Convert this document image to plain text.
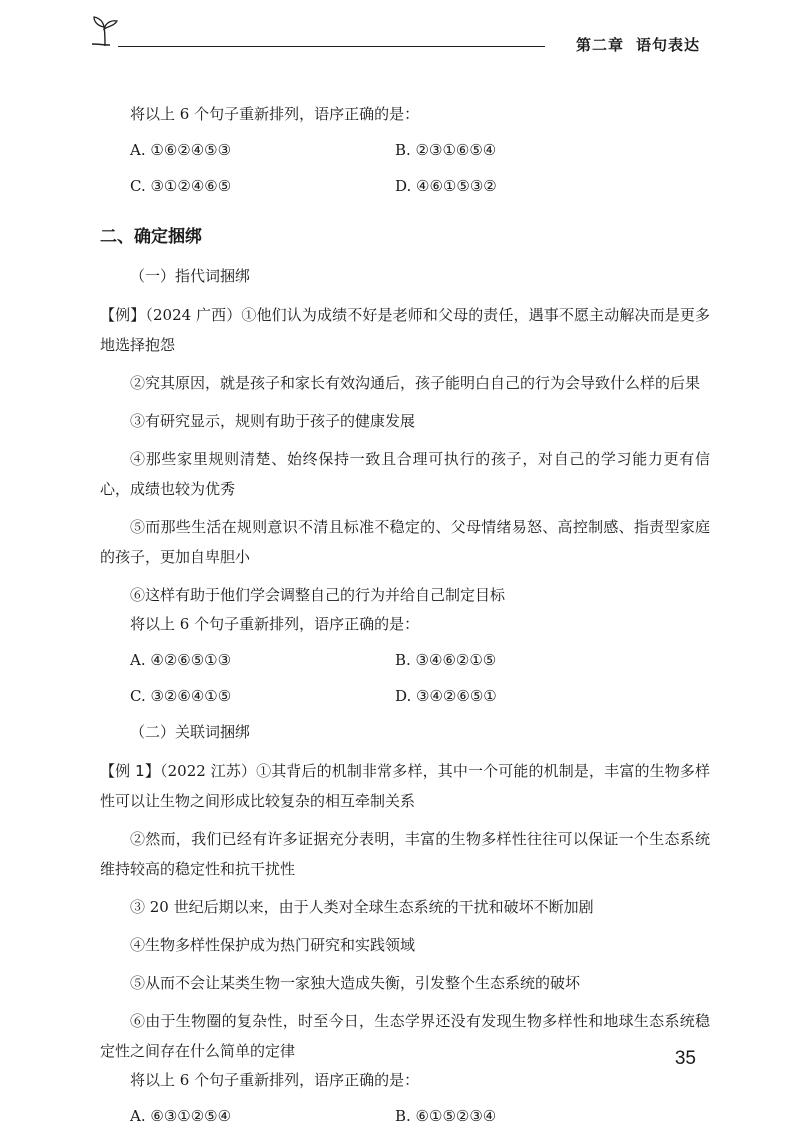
第二章 语句表达
将以上 6 个句子重新排列，语序正确的是：
A. ①⑥②④⑤③	B. ②③①⑥⑤④
C. ③①②④⑥⑤	D. ④⑥①⑤③②
二、确定捆绑
（一）指代词捆绑
【例】（2024 广西）①他们认为成绩不好是老师和父母的责任，遇事不愿主动解决而是更多地选择抱怨
②究其原因，就是孩子和家长有效沟通后，孩子能明白自己的行为会导致什么样的后果
③有研究显示，规则有助于孩子的健康发展
④那些家里规则清楚、始终保持一致且合理可执行的孩子，对自己的学习能力更有信心，成绩也较为优秀
⑤而那些生活在规则意识不清且标准不稳定的、父母情绪易怒、高控制感、指责型家庭的孩子，更加自卑胆小
⑥这样有助于他们学会调整自己的行为并给自己制定目标
将以上 6 个句子重新排列，语序正确的是：
A. ④②⑥⑤①③	B. ③④⑥②①⑤
C. ③②⑥④①⑤	D. ③④②⑥⑤①
（二）关联词捆绑
【例 1】（2022 江苏）①其背后的机制非常多样，其中一个可能的机制是，丰富的生物多样性可以让生物之间形成比较复杂的相互牵制关系
②然而，我们已经有许多证据充分表明，丰富的生物多样性往往可以保证一个生态系统维持较高的稳定性和抗干扰性
③ 20 世纪后期以来，由于人类对全球生态系统的干扰和破坏不断加剧
④生物多样性保护成为热门研究和实践领域
⑤从而不会让某类生物一家独大造成失衡，引发整个生态系统的破坏
⑥由于生物圈的复杂性，时至今日，生态学界还没有发现生物多样性和地球生态系统稳定性之间存在什么简单的定律
将以上 6 个句子重新排列，语序正确的是：
A. ⑥③①②⑤④	B. ⑥①⑤②③④
35
